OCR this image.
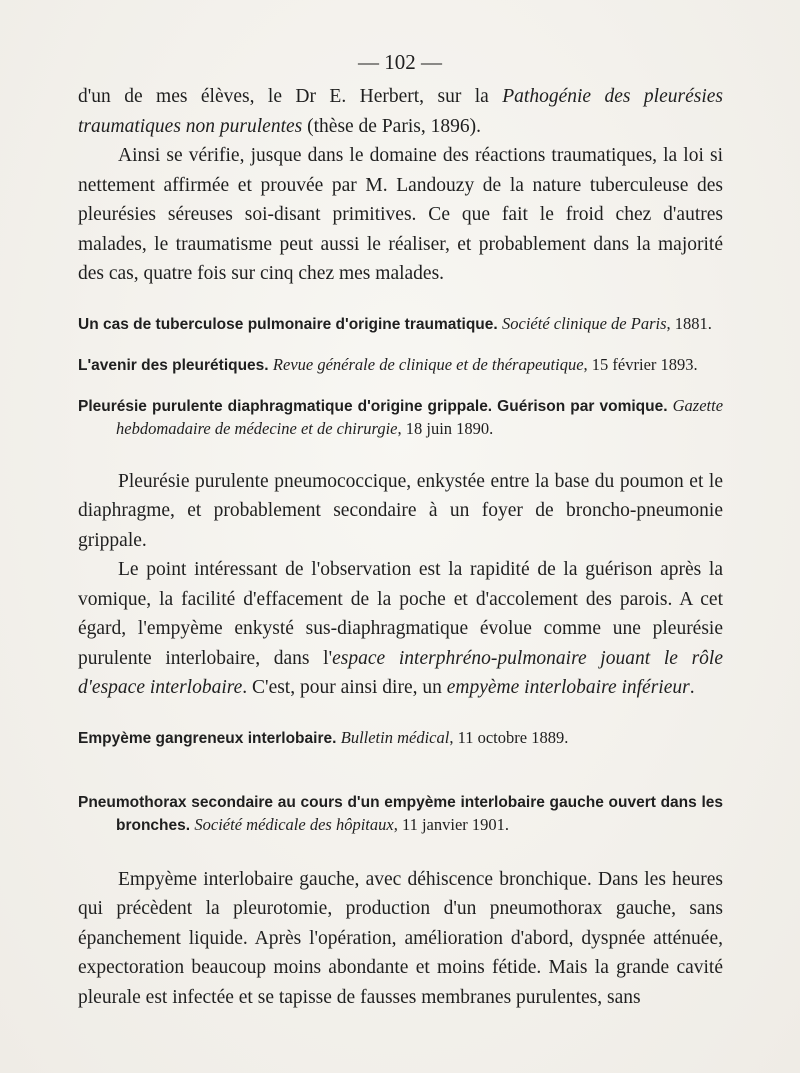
— 102 —

d'un de mes élèves, le Dr E. Herbert, sur la Pathogénie des pleurésies traumatiques non purulentes (thèse de Paris, 1896).

Ainsi se vérifie, jusque dans le domaine des réactions traumatiques, la loi si nettement affirmée et prouvée par M. Landouzy de la nature tuberculeuse des pleurésies séreuses soi-disant primitives. Ce que fait le froid chez d'autres malades, le traumatisme peut aussi le réaliser, et probablement dans la majorité des cas, quatre fois sur cinq chez mes malades.

Un cas de tuberculose pulmonaire d'origine traumatique. Société clinique de Paris, 1881.

L'avenir des pleurétiques. Revue générale de clinique et de thérapeutique, 15 février 1893.

Pleurésie purulente diaphragmatique d'origine grippale. Guérison par vomique. Gazette hebdomadaire de médecine et de chirurgie, 18 juin 1890.

Pleurésie purulente pneumococcique, enkystée entre la base du poumon et le diaphragme, et probablement secondaire à un foyer de broncho-pneumonie grippale.

Le point intéressant de l'observation est la rapidité de la guérison après la vomique, la facilité d'effacement de la poche et d'accolement des parois. A cet égard, l'empyème enkysté sus-diaphragmatique évolue comme une pleurésie purulente interlobaire, dans l'espace interphréno-pulmonaire jouant le rôle d'espace interlobaire. C'est, pour ainsi dire, un empyème interlobaire inférieur.

Empyème gangreneux interlobaire. Bulletin médical, 11 octobre 1889.

Pneumothorax secondaire au cours d'un empyème interlobaire gauche ouvert dans les bronches. Société médicale des hôpitaux, 11 janvier 1901.

Empyème interlobaire gauche, avec déhiscence bronchique. Dans les heures qui précèdent la pleurotomie, production d'un pneumothorax gauche, sans épanchement liquide. Après l'opération, amélioration d'abord, dyspnée atténuée, expectoration beaucoup moins abondante et moins fétide. Mais la grande cavité pleurale est infectée et se tapisse de fausses membranes purulentes, sans
